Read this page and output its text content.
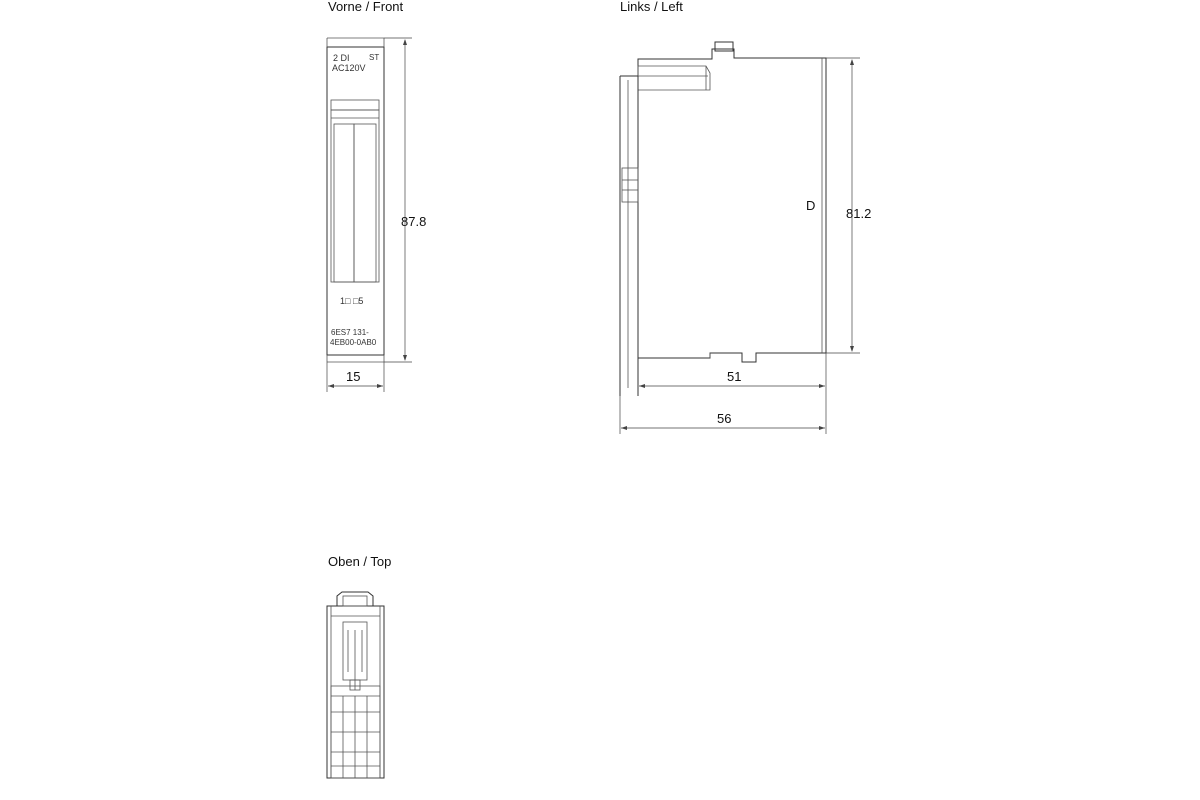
Vorne / Front
2 DI ST
AC120V
1□ □5
6ES7 131-
4EB00-0AB0
87.8
15
Links / Left
D
81.2
51
56
Oben / Top
